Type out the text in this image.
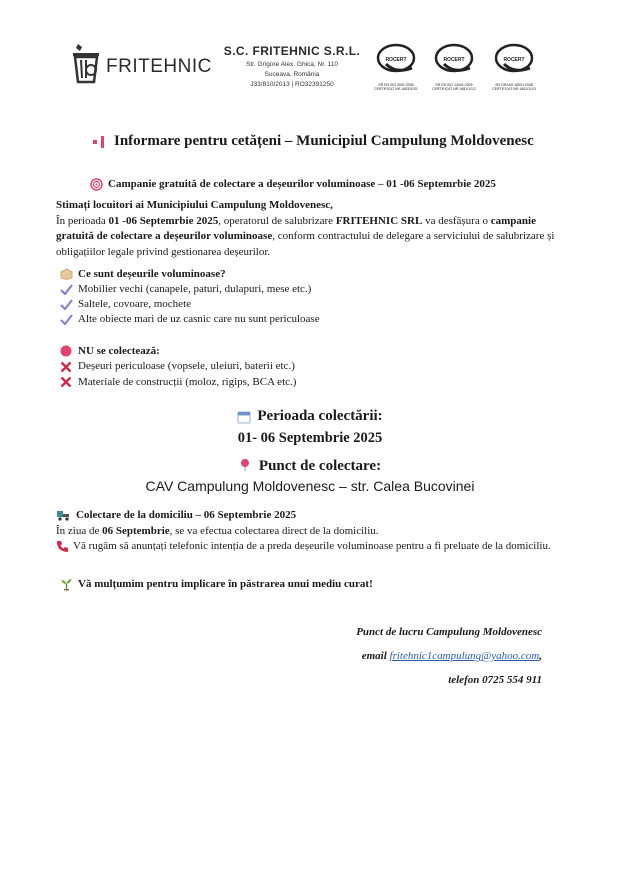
FRITEHNIC
S.C. FRITEHNIC S.R.L.
Str. Grigore Alex. Ghica, Nr. 110
Suceava, România
J33/810/2013 | RO32391250
ROCERT
SR EN ISO 9001:2008
CERTIFICAT NR.1683/3/3/1
ROCERT
SR EN ISO 14001:2005
CERTIFICAT NR.1681/1/1/2
ROCERT
SR OHSAS 18001:2008
CERTIFICAT NR.1681/1/1/3
Informare pentru cetățeni – Municipiul Campulung Moldovenesc
Campanie gratuită de colectare a deșeurilor voluminoase – 01 -06 Septemrbie 2025
Stimați locuitori ai Municipiului Campulung Moldovenesc,
În perioada 01 -06 Septemrbie 2025, operatorul de salubrizare FRITEHNIC SRL va desfășura o campanie gratuită de colectare a deșeurilor voluminoase, conform contractului de delegare a serviciului de salubrizare și obligațiilor legale privind gestionarea deșeurilor.
Ce sunt deșeurile voluminoase?
Mobilier vechi (canapele, paturi, dulapuri, mese etc.)
Saltele, covoare, mochete
Alte obiecte mari de uz casnic care nu sunt periculoase
NU se colectează:
Deșeuri periculoase (vopsele, uleiuri, baterii etc.)
Materiale de construcții (moloz, rigips, BCA etc.)
Perioada colectării:
01- 06 Septembrie 2025
Punct de colectare:
CAV Campulung Moldovenesc – str. Calea Bucovinei
Colectare de la domiciliu – 06 Septembrie 2025
În ziua de 06 Septembrie, se va efectua colectarea direct de la domiciliu.
Vă rugăm să anunțați telefonic intenția de a preda deșeurile voluminoase pentru a fi preluate de la domiciliu.
Vă mulțumim pentru implicare în păstrarea unui mediu curat!
Punct de lucru Campulung Moldovenesc
email fritehnic1campulung@yahoo.com,
telefon 0725 554 911
